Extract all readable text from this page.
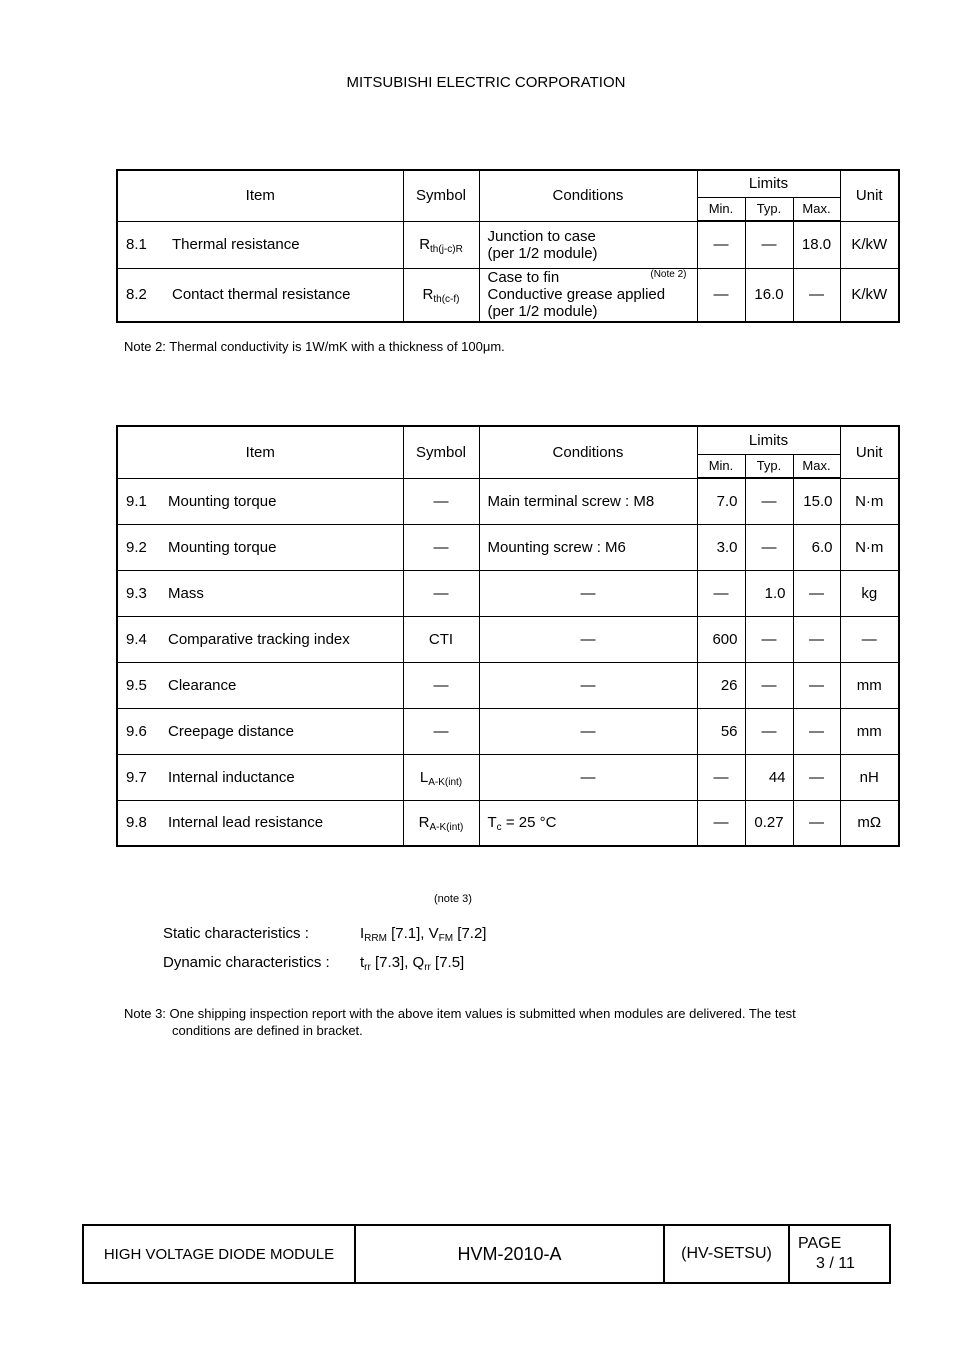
MITSUBISHI ELECTRIC CORPORATION
Item	Symbol	Conditions	Limits			Unit
			Min.	Typ.	Max.	
8.1 Thermal resistance	$R_{th(j-c)R}$	Junction to case
(per 1/2 module)	—	—	18.0	K/kW
8.2 Contact thermal resistance	$R_{th(c-f)}$	(Note 2)
Case to fin
Conductive grease applied
(per 1/2 module)	—	16.0	—	K/kW
Note 2: Thermal conductivity is 1W/mK with a thickness of 100μm.
Item	Symbol	Conditions	Limits			Unit
			Min.	Typ.	Max.	
9.1 Mounting torque	—	Main terminal screw : M8	7.0	—	15.0	N·m
9.2 Mounting torque	—	Mounting screw : M6	3.0	—	6.0	N·m
9.3 Mass	—	—	—	1.0	—	kg
9.4 Comparative tracking index	CTI	—	600	—	—	—
9.5 Clearance	—	—	26	—	—	mm
9.6 Creepage distance	—	—	56	—	—	mm
9.7 Internal inductance	$L_{A-K(int)}$	—	—	44	—	nH
9.8 Internal lead resistance	$R_{A-K(int)}$	$T_c = 25$ °C	—	0.27	—	mΩ
(note 3)
Static characteristics :	$I_{RRM}$ [7.1], $V_{FM}$ [7.2]
Dynamic characteristics : $t_{rr}$ [7.3], $Q_{rr}$ [7.5]
Note 3: One shipping inspection report with the above item values is submitted when modules are delivered. The test
conditions are defined in bracket.
HIGH VOLTAGE DIODE MODULE	HVM-2010-A	(HV-SETSU)
PAGE
3 / 11
